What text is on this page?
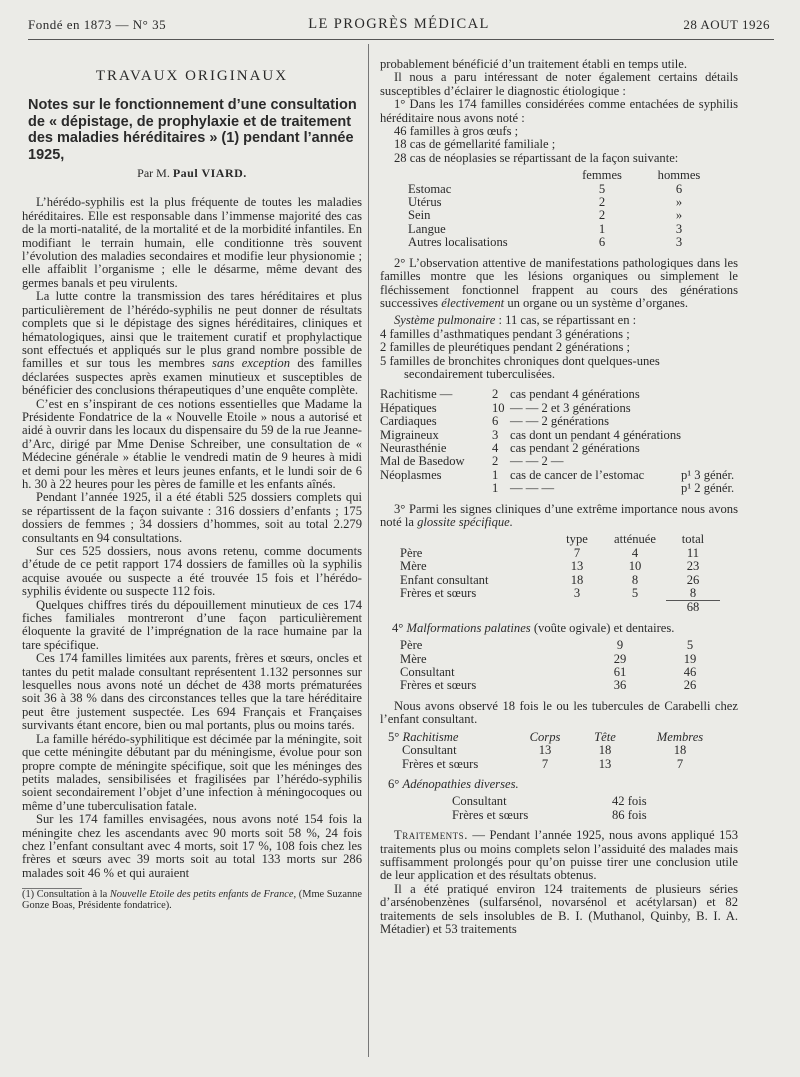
Fondé en 1873 — N° 35	LE PROGRÈS MÉDICAL	28 AOUT 1926
TRAVAUX ORIGINAUX
Notes sur le fonctionnement d’une consultation de « dépistage, de prophylaxie et de traitement des maladies héréditaires » (1) pendant l’année 1925,
Par M. Paul VIARD.

L’hérédo-syphilis est la plus fréquente de toutes les maladies héréditaires. Elle est responsable dans l’immense majorité des cas de la morti-natalité, de la mortalité et de la morbidité infantiles. En modifiant le terrain humain, elle conditionne très souvent l’évolution des maladies secondaires et modifie leur physionomie ; elle affaiblit l’organisme ; elle le désarme, même devant des germes banals et peu virulents.

La lutte contre la transmission des tares héréditaires et plus particulièrement de l’hérédo-syphilis ne peut donner de résultats complets que si le dépistage des signes héréditaires, cliniques et hématologiques, ainsi que le traitement curatif et prophylactique sont effectués et appliqués sur le plus grand nombre possible de familles et sur tous les membres sans exception des familles déclarées suspectes après examen minutieux et susceptibles de bénéficier des conclusions thérapeutiques d’une enquête complète.

C’est en s’inspirant de ces notions essentielles que Madame la Présidente Fondatrice de la « Nouvelle Etoile » nous a autorisé et aidé à ouvrir dans les locaux du dispensaire du 59 de la rue Jeanne-d’Arc, dirigé par Mme Denise Schreiber, une consultation de « Médecine générale » établie le vendredi matin de 9 heures à midi et demi pour les mères et leurs jeunes enfants, et le lundi soir de 6 h. 30 à 22 heures pour les pères de famille et les enfants aînés.

Pendant l’année 1925, il a été établi 525 dossiers complets qui se répartissent de la façon suivante : 316 dossiers d’enfants ; 175 dossiers de femmes ; 34 dossiers d’hommes, soit au total 2.279 consultants en 94 consultations.

Sur ces 525 dossiers, nous avons retenu, comme documents d’étude de ce petit rapport 174 dossiers de familles où la syphilis acquise avouée ou suspecte a été trouvée 15 fois et l’hérédo-syphilis évidente ou suspecte 112 fois.

Quelques chiffres tirés du dépouillement minutieux de ces 174 fiches familiales montreront d’une façon particulièrement éloquente la gravité de l’imprégnation de la race humaine par la tare spécifique.

Ces 174 familles limitées aux parents, frères et sœurs, oncles et tantes du petit malade consultant représentent 1.132 personnes sur lesquelles nous avons noté un déchet de 438 morts prématurées soit 36 à 38 % dans des circonstances telles que la tare héréditaire peut être justement suspectée. Les 694 Français et Françaises survivants étant encore, bien ou mal portants, plus ou moins tarés.

La famille hérédo-syphilitique est décimée par la méningite, soit que cette méningite débutant par du méningisme, évolue pour son propre compte de méningite spécifique, soit que les méninges des petits malades, sensibilisées et fragilisées par l’hérédo-syphilis soient secondairement l’objet d’une infection à méningocoques ou même d’une tuberculisation fatale.

Sur les 174 familles envisagées, nous avons noté 154 fois la méningite chez les ascendants avec 90 morts soit 58 %, 24 fois chez l’enfant consultant avec 4 morts, soit 17 %, 108 fois chez les frères et sœurs avec 39 morts soit au total 133 morts sur 286 malades soit 46 % et qui auraient

(1) Consultation à la Nouvelle Etoile des petits enfants de France, (Mme Suzanne Gonze Boas, Présidente fondatrice).

probablement bénéficié d’un traitement établi en temps utile.

Il nous a paru intéressant de noter également certains détails susceptibles d’éclairer le diagnostic étiologique :

1° Dans les 174 familles considérées comme entachées de syphilis héréditaire nous avons noté :

46 familles à gros œufs ;
18 cas de gémellarité familiale ;
28 cas de néoplasies se répartissant de la façon suivante:
	femmes	hommes
Estomac	5	6
Utérus	2	»
Sein	2	»
Langue	1	3
Autres localisations	6	3

2° L’observation attentive de manifestations pathologiques dans les familles montre que les lésions organiques ou simplement le fléchissement fonctionnel frappent au cours des générations successives électivement un organe ou un système d’organes.

Système pulmonaire : 11 cas, se répartissant en :

4 familles d’asthmatiques pendant 3 générations ;
2 familles de pleurétiques pendant 2 générations ;
5 familles de bronchites chroniques dont quelques-unes
secondairement tuberculisées.
Rachitisme —	2	cas pendant 4 générations	
Hépatiques	10	— — 2 et 3 générations	
Cardiaques	6	— — 2 générations	
Migraineux	3	cas dont un pendant 4 générations	
Neurasthénie	4	cas pendant 2 générations	
Mal de Basedow	2	— — 2 —	
Néoplasmes	1	cas de cancer de l’estomac	p¹ 3 génér.
	1	— — —	p¹ 2 génér.

3° Parmi les signes cliniques d’une extrême importance nous avons noté la glossite spécifique.

	type	atténuée	total
Père	7	4	11
Mère	13	10	23
Enfant consultant	18	8	26
Frères et sœurs	3	5	8
			68

4° Malformations palatines (voûte ogivale) et dentaires.

Père	9	5
Mère	29	19
Consultant	61	46
Frères et sœurs	36	26

Nous avons observé 18 fois le ou les tubercules de Carabelli chez l’enfant consultant.

5° Rachitisme	Corps	Tête	Membres
Consultant	13	18	18
Frères et sœurs	7	13	7
6° Adénopathies diverses.
Consultant	42 fois
Frères et sœurs	86 fois

Traitements. — Pendant l’année 1925, nous avons appliqué 153 traitements plus ou moins complets selon l’assiduité des malades mais suffisamment prolongés pour qu’on puisse tirer une conclusion utile de leur application et des résultats obtenus.

Il a été pratiqué environ 124 traitements de plusieurs séries d’arsénobenzènes (sulfarsénol, novarsénol et acétylarsan) et 82 traitements de sels insolubles de B. I. (Muthanol, Quinby, B. I. A. Métadier) et 53 traitements
